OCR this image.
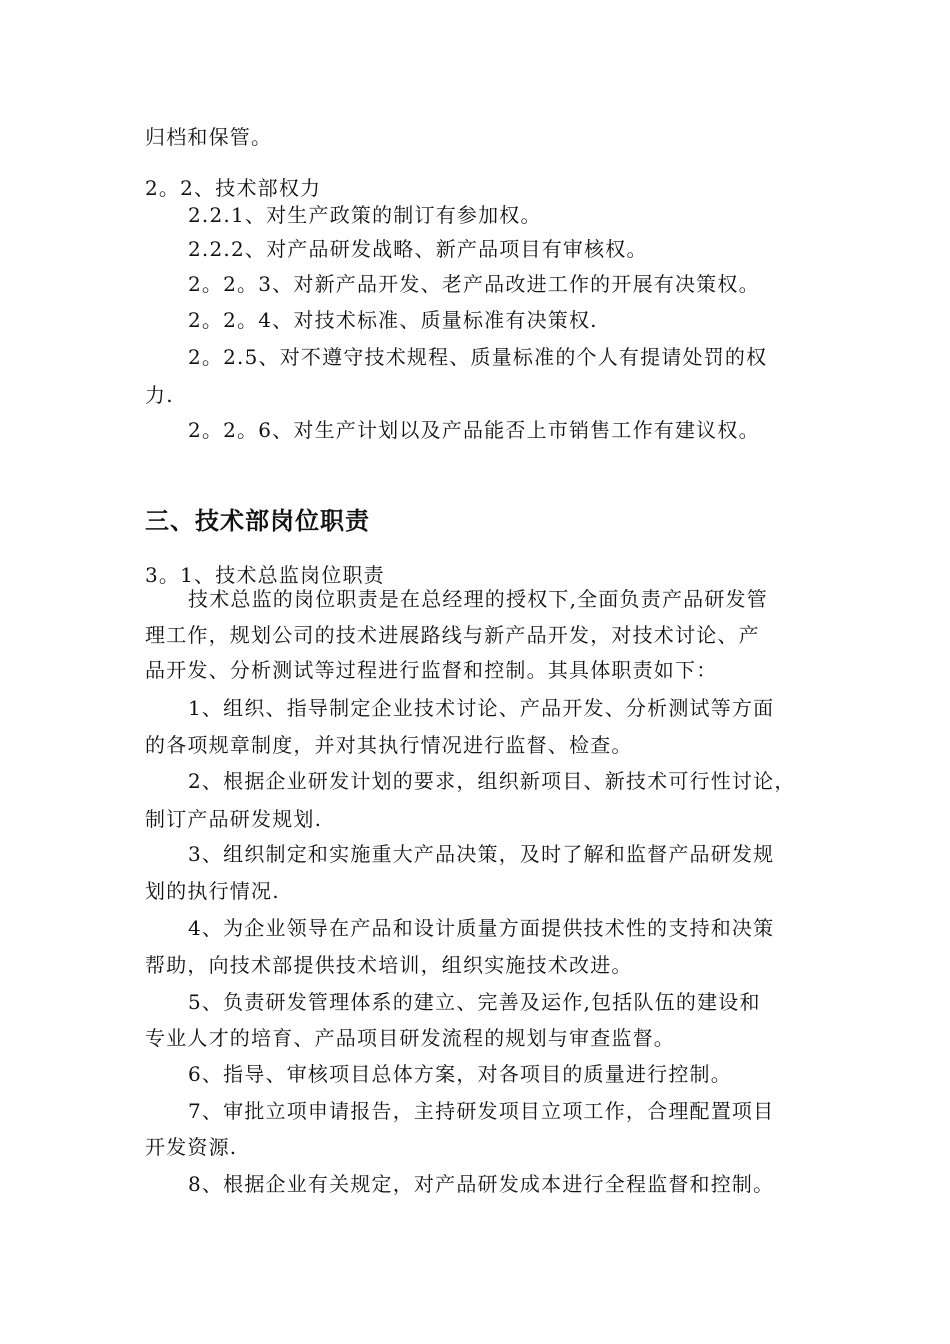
归档和保管。
2。2、技术部权力
2.2.1、对生产政策的制订有参加权。
2.2.2、对产品研发战略、新产品项目有审核权。
2。2。3、对新产品开发、老产品改进工作的开展有决策权。
2。2。4、对技术标准、质量标准有决策权.
2。2.5、对不遵守技术规程、质量标准的个人有提请处罚的权
力.
2。2。6、对生产计划以及产品能否上市销售工作有建议权。
三、技术部岗位职责
3。1、技术总监岗位职责
技术总监的岗位职责是在总经理的授权下,全面负责产品研发管
理工作，规划公司的技术进展路线与新产品开发，对技术讨论、产
品开发、分析测试等过程进行监督和控制。其具体职责如下：
1、组织、指导制定企业技术讨论、产品开发、分析测试等方面
的各项规章制度，并对其执行情况进行监督、检查。
2、根据企业研发计划的要求，组织新项目、新技术可行性讨论，
制订产品研发规划.
3、组织制定和实施重大产品决策，及时了解和监督产品研发规
划的执行情况.
4、为企业领导在产品和设计质量方面提供技术性的支持和决策
帮助，向技术部提供技术培训，组织实施技术改进。
5、负责研发管理体系的建立、完善及运作,包括队伍的建设和
专业人才的培育、产品项目研发流程的规划与审查监督。
6、指导、审核项目总体方案，对各项目的质量进行控制。
7、审批立项申请报告，主持研发项目立项工作，合理配置项目
开发资源.
8、根据企业有关规定，对产品研发成本进行全程监督和控制。
